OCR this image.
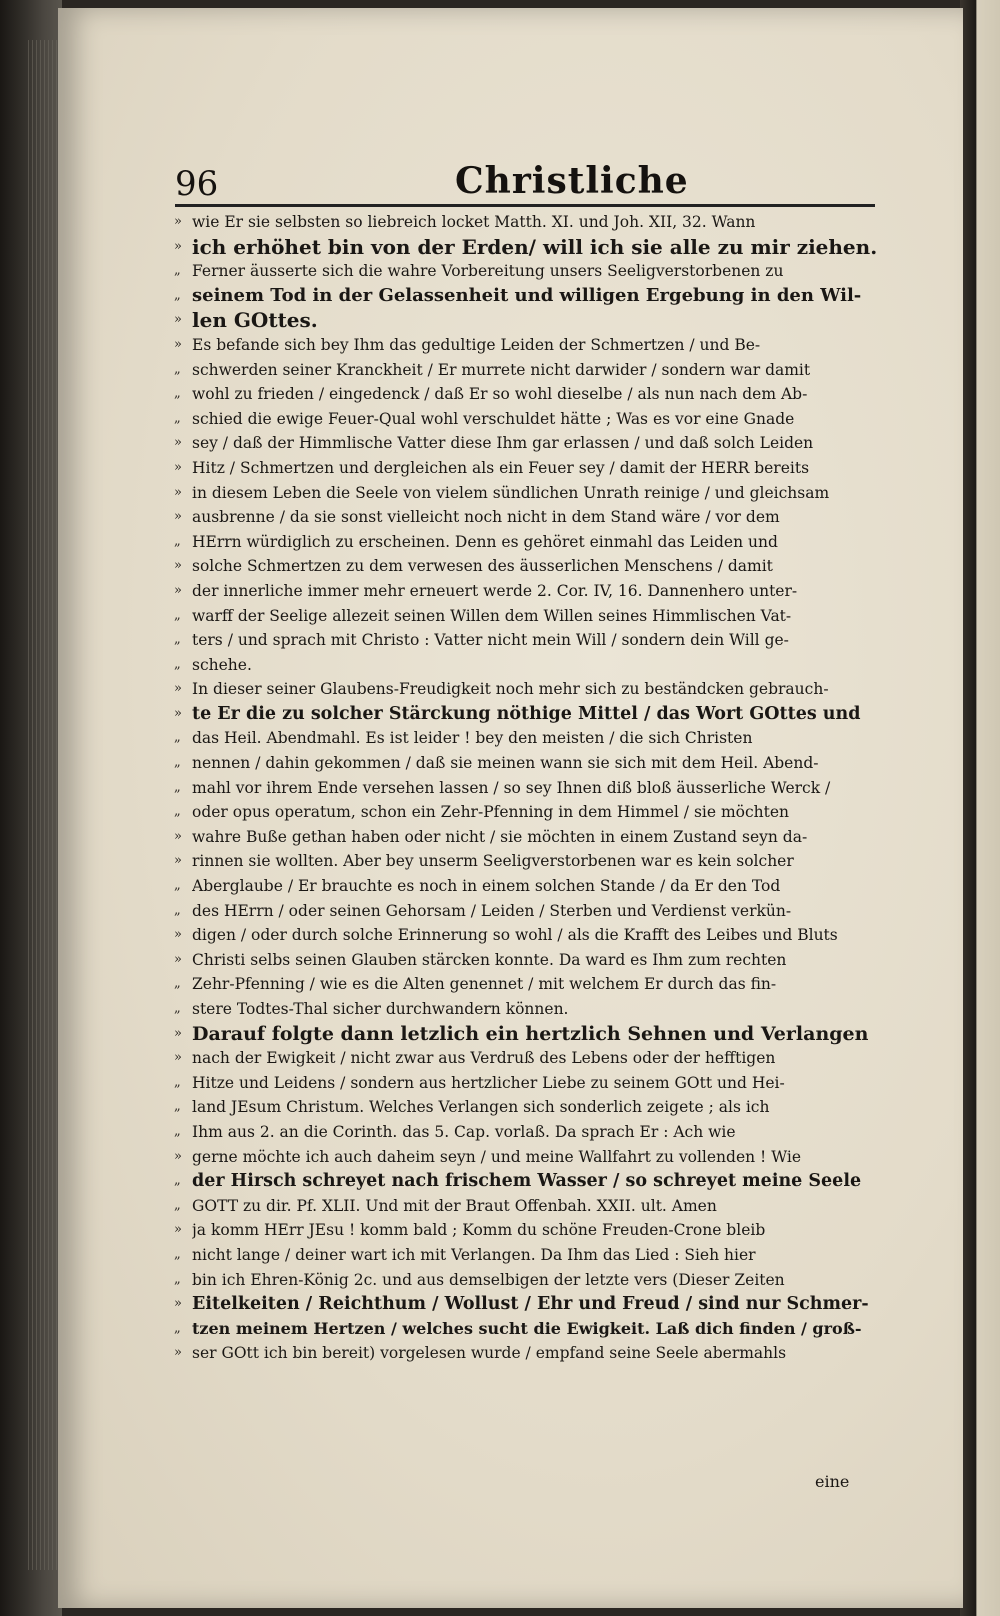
96	Christliche
» wie Er sie selbsten so liebreich locket Matth. XI. und Joh. XII, 32. Wann
» ich erhöhet bin von der Erden/ will ich sie alle zu mir ziehen.
„ Ferner äusserte sich die wahre Vorbereitung unsers Seeligverstorbenen zu
„ seinem Tod in der Gelassenheit und willigen Ergebung in den Wil-
» len GOttes.
» Es befande sich bey Ihm das gedultige Leiden der Schmertzen / und Be-
„ schwerden seiner Kranckheit / Er murrete nicht darwider / sondern war damit
„ wohl zu frieden / eingedenck / daß Er so wohl dieselbe / als nun nach dem Ab-
„ schied die ewige Feuer-Qual wohl verschuldet hätte ; Was es vor eine Gnade
» sey / daß der Himmlische Vatter diese Ihm gar erlassen / und daß solch Leiden
» Hitz / Schmertzen und dergleichen als ein Feuer sey / damit der HERR bereits
» in diesem Leben die Seele von vielem sündlichen Unrath reinige / und gleichsam
» ausbrenne / da sie sonst vielleicht noch nicht in dem Stand wäre / vor dem
„ HErrn würdiglich zu erscheinen. Denn es gehöret einmahl das Leiden und
» solche Schmertzen zu dem verwesen des äusserlichen Menschens / damit
» der innerliche immer mehr erneuert werde 2. Cor. IV, 16. Dannenhero unter-
„ warff der Seelige allezeit seinen Willen dem Willen seines Himmlischen Vat-
„ ters / und sprach mit Christo : Vatter nicht mein Will / sondern dein Will ge-
„ schehe.
» In dieser seiner Glaubens-Freudigkeit noch mehr sich zu beständcken gebrauch-
» te Er die zu solcher Stärckung nöthige Mittel / das Wort GOttes und
„ das Heil. Abendmahl. Es ist leider ! bey den meisten / die sich Christen
„ nennen / dahin gekommen / daß sie meinen wann sie sich mit dem Heil. Abend-
„ mahl vor ihrem Ende versehen lassen / so sey Ihnen diß bloß äusserliche Werck /
„ oder opus operatum, schon ein Zehr-Pfenning in dem Himmel / sie möchten
» wahre Buße gethan haben oder nicht / sie möchten in einem Zustand seyn da-
» rinnen sie wollten. Aber bey unserm Seeligverstorbenen war es kein solcher
„ Aberglaube / Er brauchte es noch in einem solchen Stande / da Er den Tod
„ des HErrn / oder seinen Gehorsam / Leiden / Sterben und Verdienst verkün-
» digen / oder durch solche Erinnerung so wohl / als die Krafft des Leibes und Bluts
» Christi selbs seinen Glauben stärcken konnte. Da ward es Ihm zum rechten
„ Zehr-Pfenning / wie es die Alten genennet / mit welchem Er durch das fin-
„ stere Todtes-Thal sicher durchwandern können.
» Darauf folgte dann letzlich ein hertzlich Sehnen und Verlangen
» nach der Ewigkeit / nicht zwar aus Verdruß des Lebens oder der hefftigen
„ Hitze und Leidens / sondern aus hertzlicher Liebe zu seinem GOtt und Hei-
„ land JEsum Christum. Welches Verlangen sich sonderlich zeigete ; als ich
„ Ihm aus 2. an die Corinth. das 5. Cap. vorlaß. Da sprach Er : Ach wie
» gerne möchte ich auch daheim seyn / und meine Wallfahrt zu vollenden ! Wie
„ der Hirsch schreyet nach frischem Wasser / so schreyet meine Seele
„ GOTT zu dir. Pf. XLII. Und mit der Braut Offenbah. XXII. ult. Amen
» ja komm HErr JEsu ! komm bald ; Komm du schöne Freuden-Crone bleib
„ nicht lange / deiner wart ich mit Verlangen. Da Ihm das Lied : Sieh hier
„ bin ich Ehren-König 2c. und aus demselbigen der letzte vers (Dieser Zeiten
» Eitelkeiten / Reichthum / Wollust / Ehr und Freud / sind nur Schmer-
„ tzen meinem Hertzen / welches sucht die Ewigkeit. Laß dich finden / groß-
» ser GOtt ich bin bereit) vorgelesen wurde / empfand seine Seele abermahls
eine
